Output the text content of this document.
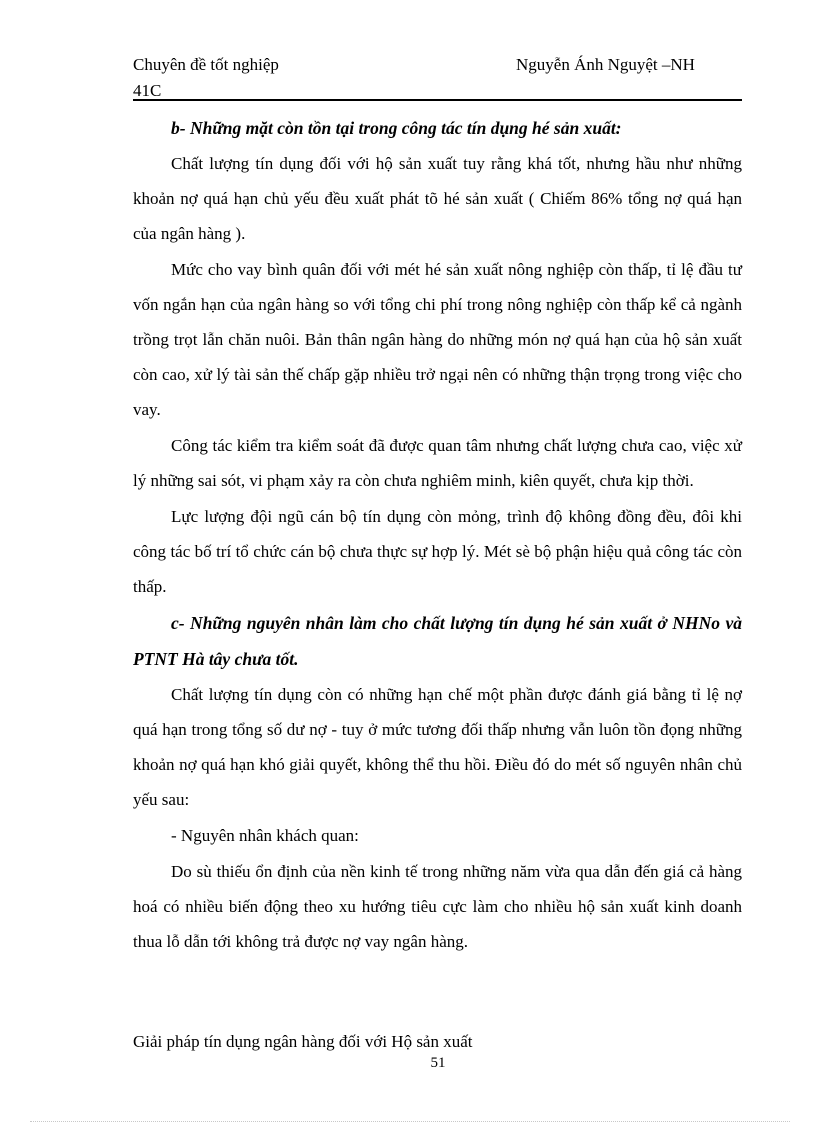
Chuyên đề tốt nghiệp
41C
Nguyễn Ánh Nguyệt –NH

b- Những mặt còn tồn tại trong công tác tín dụng hé sản xuất:

Chất lượng tín dụng đối với hộ sản xuất tuy rằng khá tốt, nhưng hầu như những khoản nợ quá hạn chủ yếu đều xuất phát tõ hé sản xuất ( Chiếm 86% tổng nợ quá hạn của ngân hàng ).

Mức cho vay bình quân đối với mét hé sản xuất nông nghiệp còn thấp, tỉ lệ đầu tư vốn ngắn hạn của ngân hàng so với tổng chi phí trong nông nghiệp còn thấp kể cả ngành trồng trọt lẫn chăn nuôi. Bản thân ngân hàng do những món nợ quá hạn của hộ sản xuất còn cao, xử lý tài sản thế chấp gặp nhiều trở ngại nên có những thận trọng trong việc cho vay.

Công tác kiểm tra kiểm soát đã được quan tâm nhưng chất lượng chưa cao, việc xử lý những sai sót, vi phạm xảy ra còn chưa nghiêm minh, kiên quyết, chưa kịp thời.

Lực lượng đội ngũ cán bộ tín dụng còn mỏng, trình độ không đồng đều, đôi khi công tác bố trí tổ chức cán bộ chưa thực sự hợp lý. Mét sè bộ phận hiệu quả công tác còn thấp.

c- Những nguyên nhân làm cho chất lượng tín dụng hé sản xuất ở NHNo và PTNT Hà tây chưa tốt.

Chất lượng tín dụng còn có những hạn chế một phần được đánh giá bằng tỉ lệ nợ quá hạn trong tổng số dư nợ - tuy ở mức tương đối thấp nhưng vẫn luôn tồn đọng những khoản nợ quá hạn khó giải quyết, không thể thu hồi. Điều đó do mét số nguyên nhân chủ yếu sau:

- Nguyên nhân khách quan:

Do sù thiếu ổn định của nền kinh tế trong những năm vừa qua dẫn đến giá cả hàng hoá có nhiều biến động theo xu hướng tiêu cực làm cho nhiều hộ sản xuất kinh doanh thua lỗ dẫn tới không trả được nợ vay ngân hàng.

Giải pháp tín dụng ngân hàng đối với Hộ sản xuất
51
